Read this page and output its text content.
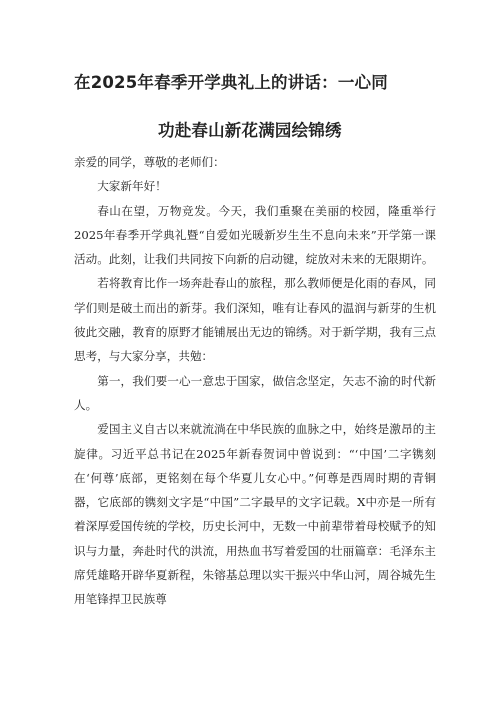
在2025年春季开学典礼上的讲话：一心同
功赴春山新花满园绘锦绣

亲爱的同学，尊敬的老师们：

大家新年好！

春山在望，万物竞发。今天，我们重聚在美丽的校园，隆重举行2025年春季开学典礼暨“自爱如光暖新岁生生不息向未来”开学第一课活动。此刻，让我们共同按下向新的启动键，绽放对未来的无限期许。

若将教育比作一场奔赴春山的旅程，那么教师便是化雨的春风，同学们则是破土而出的新芽。我们深知，唯有让春风的温润与新芽的生机彼此交融，教育的原野才能铺展出无边的锦绣。对于新学期，我有三点思考，与大家分享，共勉：

第一，我们要一心一意忠于国家，做信念坚定，矢志不渝的时代新人。

爱国主义自古以来就流淌在中华民族的血脉之中，始终是激昂的主旋律。习近平总书记在2025年新春贺词中曾说到：“‘中国’二字镌刻在‘何尊’底部，更铭刻在每个华夏儿女心中。”何尊是西周时期的青铜器，它底部的镌刻文字是“中国”二字最早的文字记载。X中亦是一所有着深厚爱国传统的学校，历史长河中，无数一中前辈带着母校赋予的知识与力量，奔赴时代的洪流，用热血书写着爱国的壮丽篇章：毛泽东主席凭雄略开辟华夏新程，朱镕基总理以实干振兴中华山河，周谷城先生用笔锋捍卫民族尊
